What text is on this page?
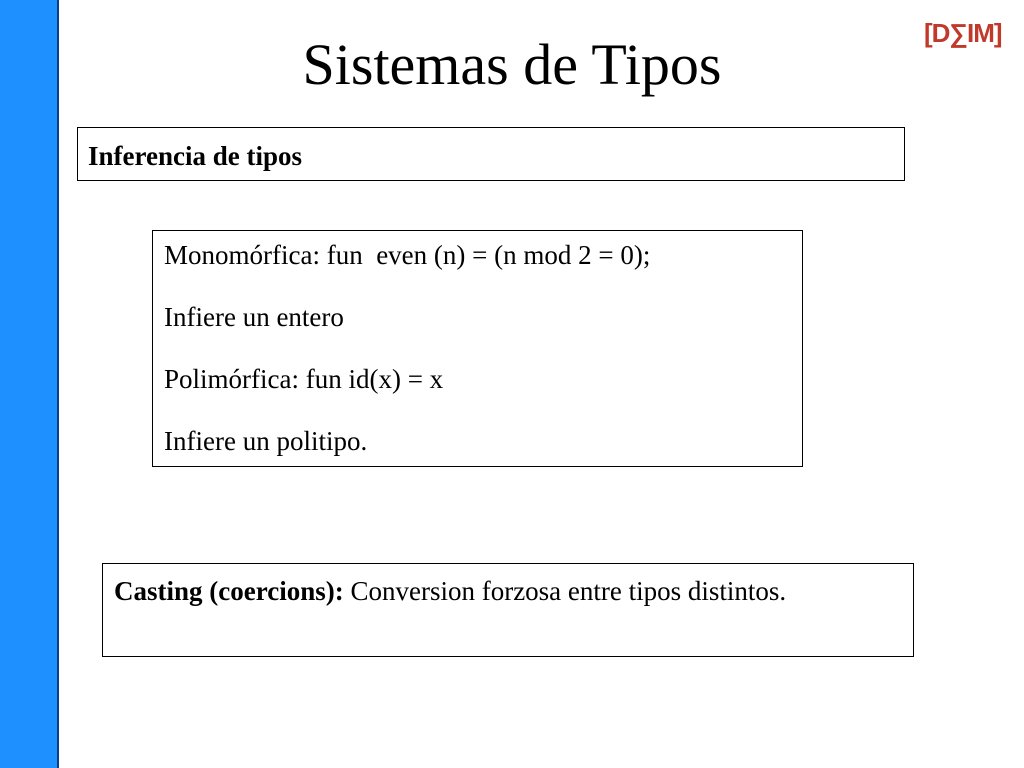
[D∑IM]
Sistemas de Tipos
Inferencia de tipos

Monomórfica: fun  even (n) = (n mod 2 = 0);

Infiere un entero

Polimórfica: fun id(x) = x

Infiere un politipo.

Casting (coercions): Conversion forzosa entre tipos distintos.
